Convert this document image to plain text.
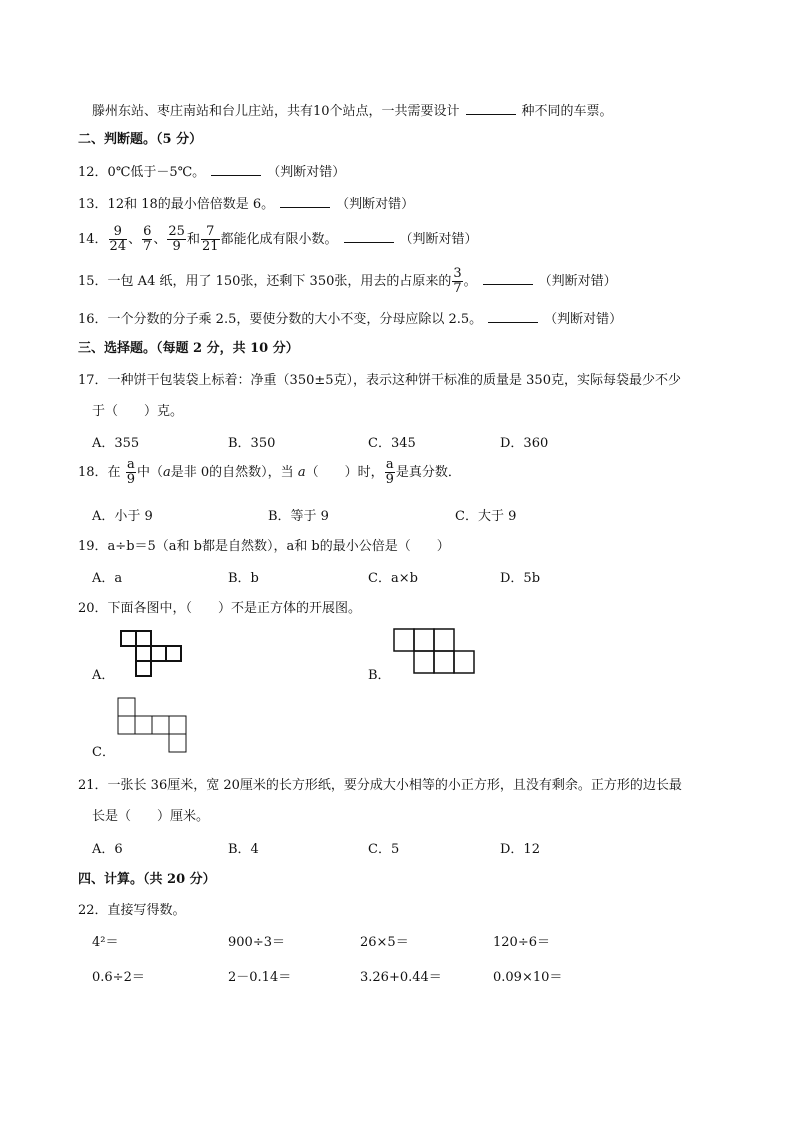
滕州东站、枣庄南站和台儿庄站，共有10个站点，一共需要设计	种不同的车票。
二、判断题。（5 分）
12．0℃低于－5℃。	（判断对错）
13．12和 18的最小倍倍数是 6。	（判断对错）
14． $\frac{9}{24}$ 、 $\frac{6}{7}$ 、 $\frac{25}{9}$ 和 $\frac{7}{21}$ 都能化成有限小数。	（判断对错）
15．一包 A4 纸，用了 150张，还剩下 350张，用去的占原来的 $\frac{3}{7}$ 。	（判断对错）
16．一个分数的分子乘 2.5，要使分数的大小不变，分母应除以 2.5。	（判断对错）
三、选择题。（每题 2 分，共 10 分）
17．一种饼干包装袋上标着：净重（350±5克），表示这种饼干标准的质量是 350克，实际每袋最少不少
于（　　）克。
A．355	B．350	C．345	D．360
18．在 $\frac{a}{9}$ 中（a是非 0的自然数），当 a（　　）时， $\frac{a}{9}$ 是真分数．
A．小于 9	B．等于 9	C．大于 9
19．a÷b＝5（a和 b都是自然数），a和 b的最小公倍是（　　）
A．a	B．b	C．a×b	D．5b
20．下面各图中，（　　）不是正方体的开展图。
A．	B．
C．
21．一张长 36厘米，宽 20厘米的长方形纸，要分成大小相等的小正方形，且没有剩余。正方形的边长最
长是（　　）厘米。
A．6	B．4	C．5	D．12
四、计算。（共 20 分）
22．直接写得数。
4²＝	900÷3＝	26×5＝	120÷6＝
0.6÷2＝	2－0.14＝	3.26+0.44＝	0.09×10＝
